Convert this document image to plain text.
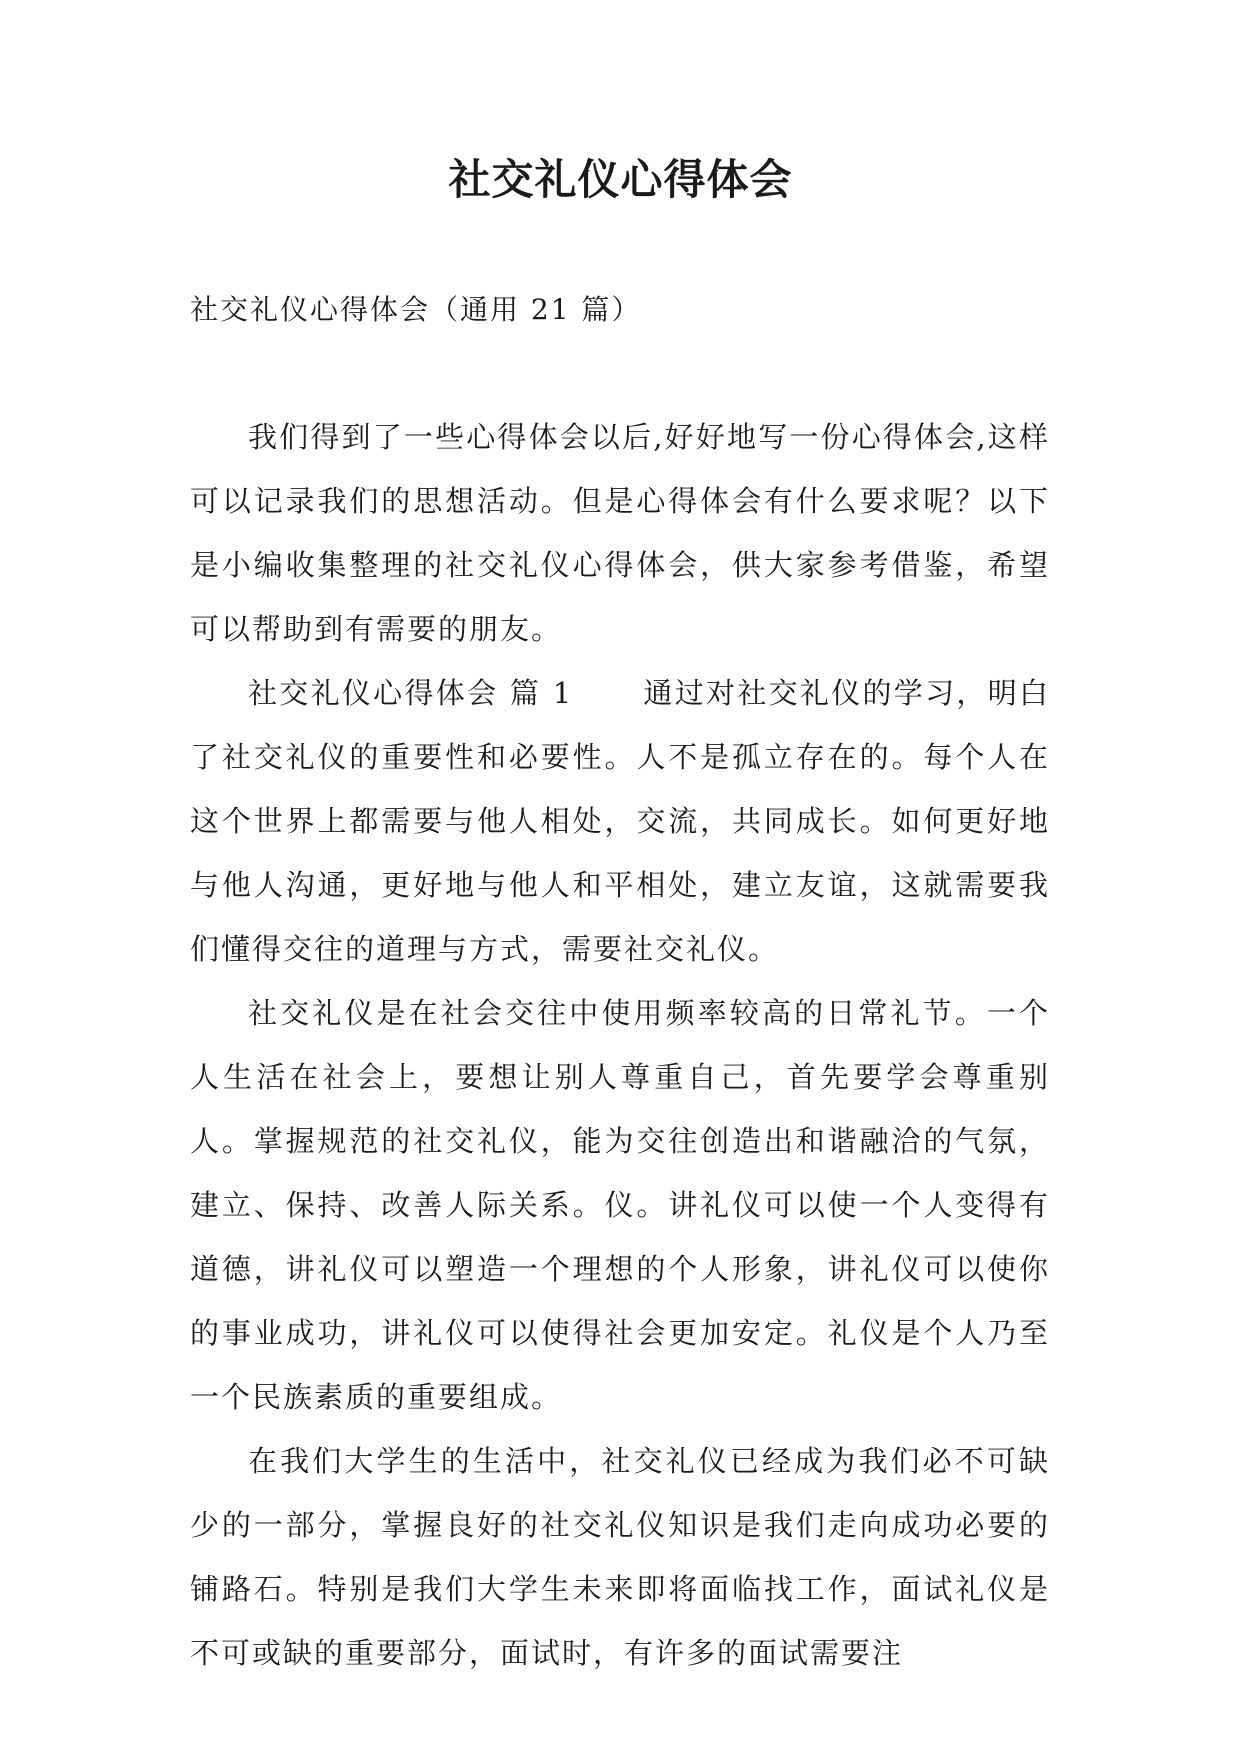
社交礼仪心得体会

社交礼仪心得体会（通用 21 篇）

我们得到了一些心得体会以后,好好地写一份心得体会,这样可以记录我们的思想活动。但是心得体会有什么要求呢？以下是小编收集整理的社交礼仪心得体会，供大家参考借鉴，希望可以帮助到有需要的朋友。

社交礼仪心得体会 篇 1 通过对社交礼仪的学习，明白了社交礼仪的重要性和必要性。人不是孤立存在的。每个人在这个世界上都需要与他人相处，交流，共同成长。如何更好地与他人沟通，更好地与他人和平相处，建立友谊，这就需要我们懂得交往的道理与方式，需要社交礼仪。

社交礼仪是在社会交往中使用频率较高的日常礼节。一个人生活在社会上，要想让别人尊重自己，首先要学会尊重别人。掌握规范的社交礼仪，能为交往创造出和谐融洽的气氛，建立、保持、改善人际关系。仪。讲礼仪可以使一个人变得有道德，讲礼仪可以塑造一个理想的个人形象，讲礼仪可以使你的事业成功，讲礼仪可以使得社会更加安定。礼仪是个人乃至一个民族素质的重要组成。

在我们大学生的生活中，社交礼仪已经成为我们必不可缺少的一部分，掌握良好的社交礼仪知识是我们走向成功必要的铺路石。特别是我们大学生未来即将面临找工作，面试礼仪是不可或缺的重要部分，面试时，有许多的面试需要注
